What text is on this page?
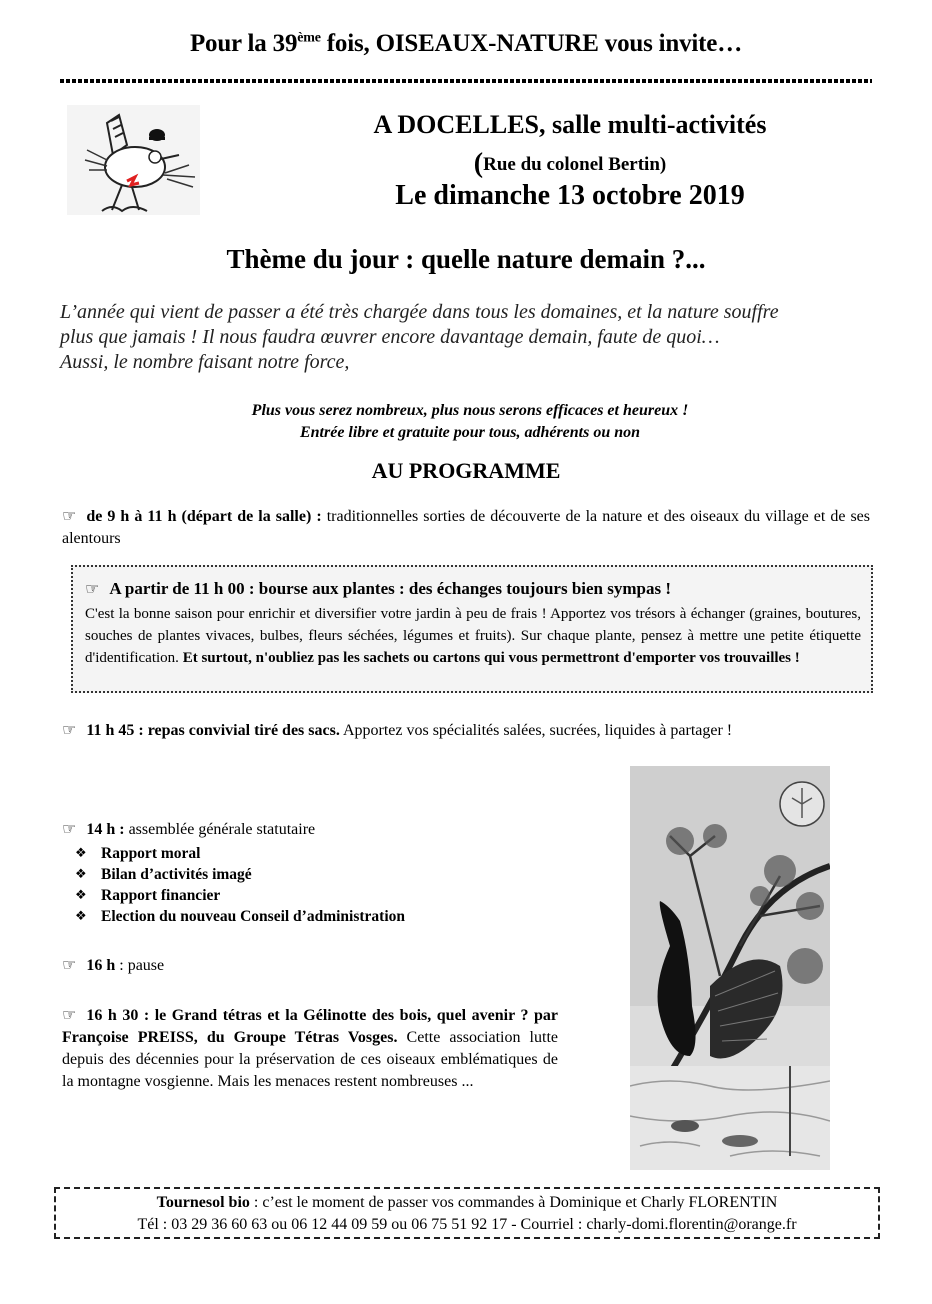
Pour la 39ème fois, OISEAUX-NATURE vous invite…
A DOCELLES, salle multi-activités
(Rue du colonel Bertin)
Le dimanche 13 octobre 2019
Thème du jour : quelle nature demain ?...
L’année qui vient de passer a été très chargée dans tous les domaines, et la nature souffre
plus que jamais ! Il nous faudra œuvrer encore davantage demain, faute de quoi…
Aussi, le nombre faisant notre force,
Plus vous serez nombreux, plus nous serons efficaces et heureux !
Entrée libre et gratuite pour tous, adhérents ou non
AU PROGRAMME
☞ de 9 h à 11 h (départ de la salle) : traditionnelles sorties de découverte de la nature et des oiseaux du village et de ses alentours
☞ A partir de 11 h 00 : bourse aux plantes : des échanges toujours bien sympas !
C'est la bonne saison pour enrichir et diversifier votre jardin à peu de frais ! Apportez vos trésors à échanger (graines, boutures, souches de plantes vivaces, bulbes, fleurs séchées, légumes et fruits). Sur chaque plante, pensez à mettre une petite étiquette d'identification. Et surtout, n'oubliez pas les sachets ou cartons qui vous permettront d'emporter vos trouvailles !
☞ 11 h 45 : repas convivial tiré des sacs. Apportez vos spécialités salées, sucrées, liquides à partager !
☞ 14 h : assemblée générale statutaire
❖ Rapport moral
❖ Bilan d’activités imagé
❖ Rapport financier
❖ Election du nouveau Conseil d’administration
☞ 16 h : pause
☞ 16 h 30 : le Grand tétras et la Gélinotte des bois, quel avenir ? par Françoise PREISS, du Groupe Tétras Vosges. Cette association lutte depuis des décennies pour la préservation de ces oiseaux emblématiques de la montagne vosgienne. Mais les menaces restent nombreuses ...
Tournesol bio : c’est le moment de passer vos commandes à Dominique et Charly FLORENTIN
Tél : 03 29 36 60 63 ou 06 12 44 09 59 ou 06 75 51 92 17 - Courriel : charly-domi.florentin@orange.fr
